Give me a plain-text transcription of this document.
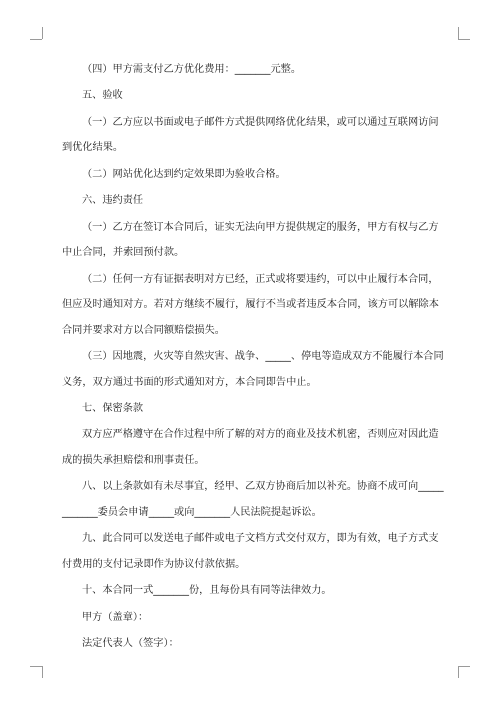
（四）甲方需支付乙方优化费用：_______元整。

五、验收

（一）乙方应以书面或电子邮件方式提供网络优化结果，或可以通过互联网访问

到优化结果。

（二）网站优化达到约定效果即为验收合格。

六、违约责任

（一）乙方在签订本合同后，证实无法向甲方提供规定的服务，甲方有权与乙方

中止合同，并索回预付款。

（二）任何一方有证据表明对方已经，正式或将要违约，可以中止履行本合同，

但应及时通知对方。若对方继续不履行，履行不当或者违反本合同，该方可以解除本

合同并要求对方以合同额赔偿损失。

（三）因地震，火灾等自然灾害、战争、_____、停电等造成双方不能履行本合同

义务，双方通过书面的形式通知对方，本合同即告中止。

七、保密条款

双方应严格遵守在合作过程中所了解的对方的商业及技术机密，否则应对因此造

成的损失承担赔偿和刑事责任。

八、以上条款如有未尽事宜，经甲、乙双方协商后加以补充。协商不成可向_____

_______委员会申请_____或向_______人民法院提起诉讼。

九、此合同可以发送电子邮件或电子文档方式交付双方，即为有效，电子方式支

付费用的支付记录即作为协议付款依据。

十、本合同一式_______份，且每份具有同等法律效力。

甲方（盖章）：

法定代表人（签字）：
